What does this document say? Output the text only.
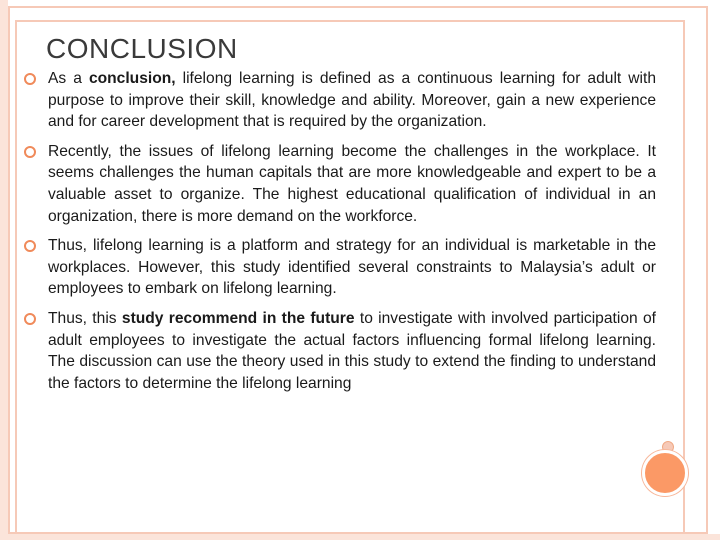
CONCLUSION
As a conclusion, lifelong learning is defined as a continuous learning for adult with purpose to improve their skill, knowledge and ability. Moreover, gain a new experience and for career development that is required by the organization.
Recently, the issues of lifelong learning become the challenges in the workplace. It seems challenges the human capitals that are more knowledgeable and expert to be a valuable asset to organize. The highest educational qualification of individual in an organization, there is more demand on the workforce.
Thus, lifelong learning is a platform and strategy for an individual is marketable in the workplaces. However, this study identified several constraints to Malaysia’s adult or employees to embark on lifelong learning.
Thus, this study recommend in the future to investigate with involved participation of adult employees to investigate the actual factors influencing formal lifelong learning. The discussion can use the theory used in this study to extend the finding to understand the factors to determine the lifelong learning
